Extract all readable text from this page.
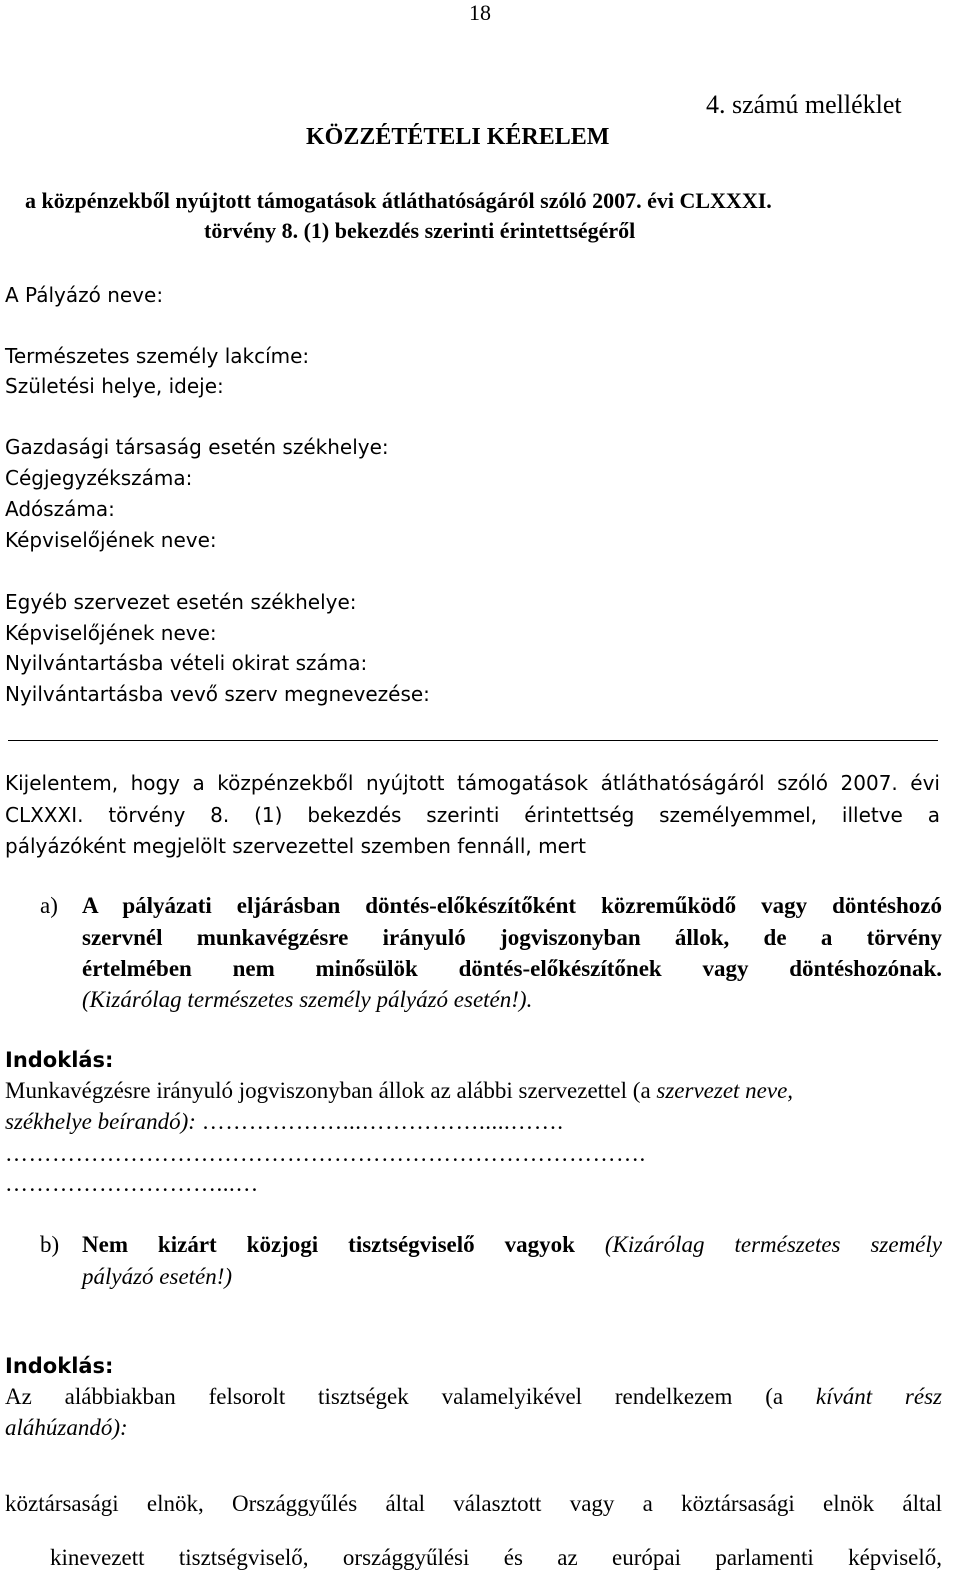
18
4. számú melléklet
KÖZZÉTÉTELI KÉRELEM
a közpénzekből nyújtott támogatások átláthatóságáról szóló 2007. évi CLXXXI.
törvény 8. (1) bekezdés szerinti érintettségéről
A Pályázó neve:
Természetes személy lakcíme:
Születési helye, ideje:
Gazdasági társaság esetén székhelye:
Cégjegyzékszáma:
Adószáma:
Képviselőjének neve:
Egyéb szervezet esetén székhelye:
Képviselőjének neve:
Nyilvántartásba vételi okirat száma:
Nyilvántartásba vevő szerv megnevezése:
Kijelentem, hogy a közpénzekből nyújtott támogatások átláthatóságáról szóló 2007. évi
CLXXXI. törvény 8. (1) bekezdés szerinti érintettség személyemmel, illetve a
pályázóként megjelölt szervezettel szemben fennáll, mert
a) A pályázati eljárásban döntés-előkészítőként közreműködő vagy döntéshozó
szervnél munkavégzésre irányuló jogviszonyban állok, de a törvény
értelmében nem minősülök döntés-előkészítőnek vagy döntéshozónak.
(Kizárólag természetes személy pályázó esetén!).
Indoklás:
Munkavégzésre irányuló jogviszonyban állok az alábbi szervezettel (a szervezet neve,
székhelye beírandó): ………………...…………….....…….
……………………………………………………………………….
………………………...…
b) Nem kizárt közjogi tisztségviselő vagyok (Kizárólag természetes személy
pályázó esetén!)
Indoklás:
Az alábbiakban felsorolt tisztségek valamelyikével rendelkezem (a kívánt rész
aláhúzandó):
köztársasági elnök, Országgyűlés által választott vagy a köztársasági elnök által
kinevezett tisztségviselő, országgyűlési és az európai parlamenti képviselő,
